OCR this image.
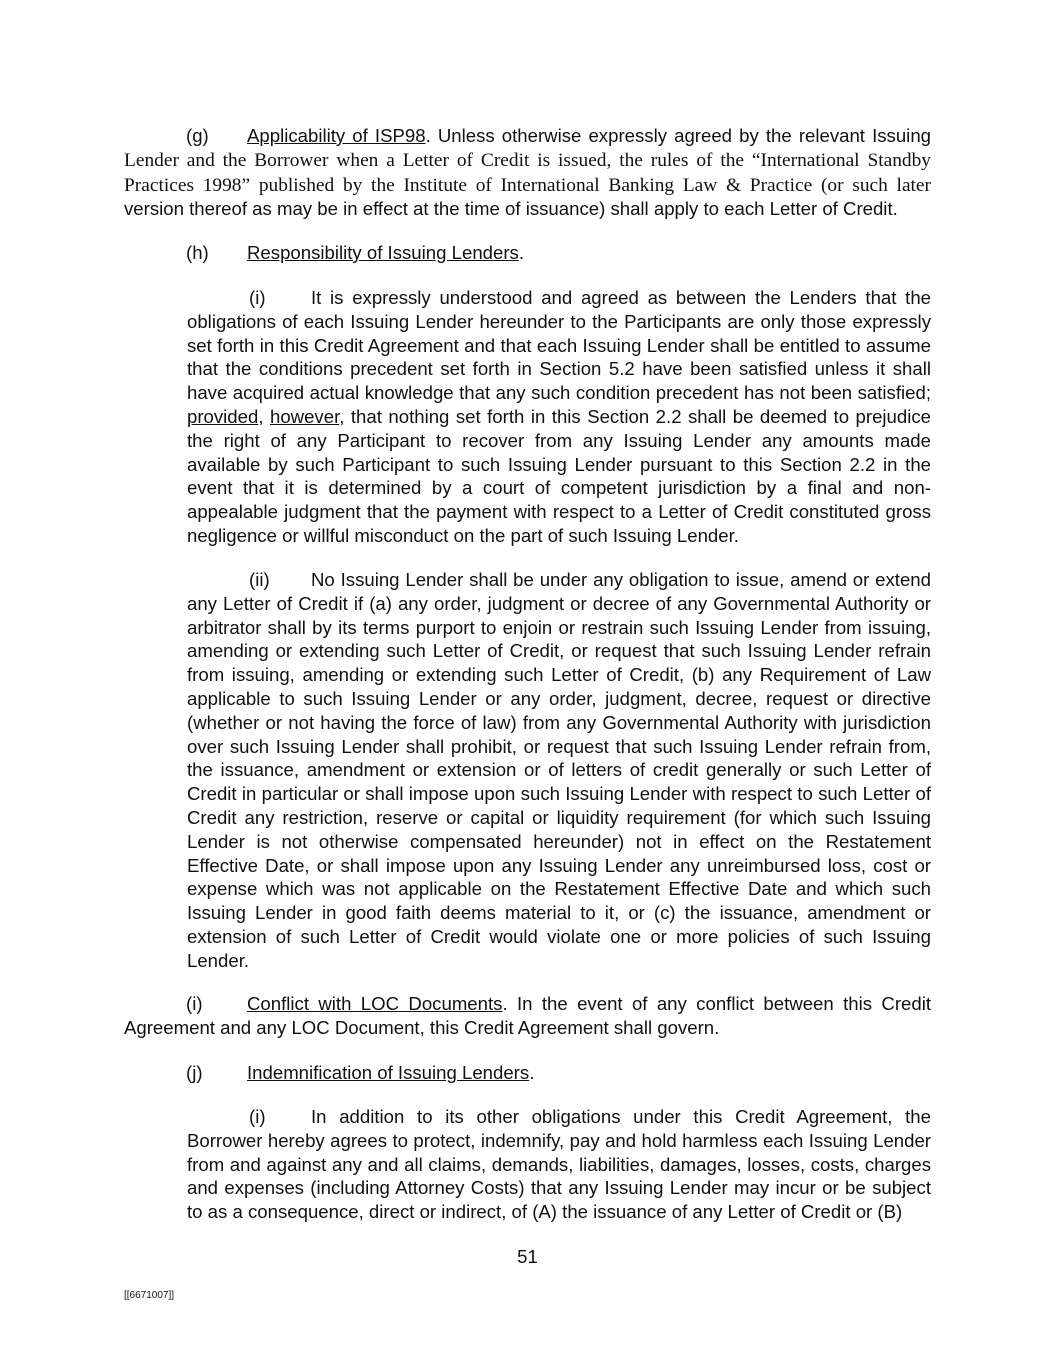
(g) Applicability of ISP98. Unless otherwise expressly agreed by the relevant Issuing Lender and the Borrower when a Letter of Credit is issued, the rules of the “International Standby Practices 1998” published by the Institute of International Banking Law & Practice (or such later version thereof as may be in effect at the time of issuance) shall apply to each Letter of Credit.
(h) Responsibility of Issuing Lenders.
(i) It is expressly understood and agreed as between the Lenders that the obligations of each Issuing Lender hereunder to the Participants are only those expressly set forth in this Credit Agreement and that each Issuing Lender shall be entitled to assume that the conditions precedent set forth in Section 5.2 have been satisfied unless it shall have acquired actual knowledge that any such condition precedent has not been satisfied; provided, however, that nothing set forth in this Section 2.2 shall be deemed to prejudice the right of any Participant to recover from any Issuing Lender any amounts made available by such Participant to such Issuing Lender pursuant to this Section 2.2 in the event that it is determined by a court of competent jurisdiction by a final and non-appealable judgment that the payment with respect to a Letter of Credit constituted gross negligence or willful misconduct on the part of such Issuing Lender.
(ii) No Issuing Lender shall be under any obligation to issue, amend or extend any Letter of Credit if (a) any order, judgment or decree of any Governmental Authority or arbitrator shall by its terms purport to enjoin or restrain such Issuing Lender from issuing, amending or extending such Letter of Credit, or request that such Issuing Lender refrain from issuing, amending or extending such Letter of Credit, (b) any Requirement of Law applicable to such Issuing Lender or any order, judgment, decree, request or directive (whether or not having the force of law) from any Governmental Authority with jurisdiction over such Issuing Lender shall prohibit, or request that such Issuing Lender refrain from, the issuance, amendment or extension or of letters of credit generally or such Letter of Credit in particular or shall impose upon such Issuing Lender with respect to such Letter of Credit any restriction, reserve or capital or liquidity requirement (for which such Issuing Lender is not otherwise compensated hereunder) not in effect on the Restatement Effective Date, or shall impose upon any Issuing Lender any unreimbursed loss, cost or expense which was not applicable on the Restatement Effective Date and which such Issuing Lender in good faith deems material to it, or (c) the issuance, amendment or extension of such Letter of Credit would violate one or more policies of such Issuing Lender.
(i) Conflict with LOC Documents. In the event of any conflict between this Credit Agreement and any LOC Document, this Credit Agreement shall govern.
(j) Indemnification of Issuing Lenders.
(i) In addition to its other obligations under this Credit Agreement, the Borrower hereby agrees to protect, indemnify, pay and hold harmless each Issuing Lender from and against any and all claims, demands, liabilities, damages, losses, costs, charges and expenses (including Attorney Costs) that any Issuing Lender may incur or be subject to as a consequence, direct or indirect, of (A) the issuance of any Letter of Credit or (B)
51
[[6671007]]
